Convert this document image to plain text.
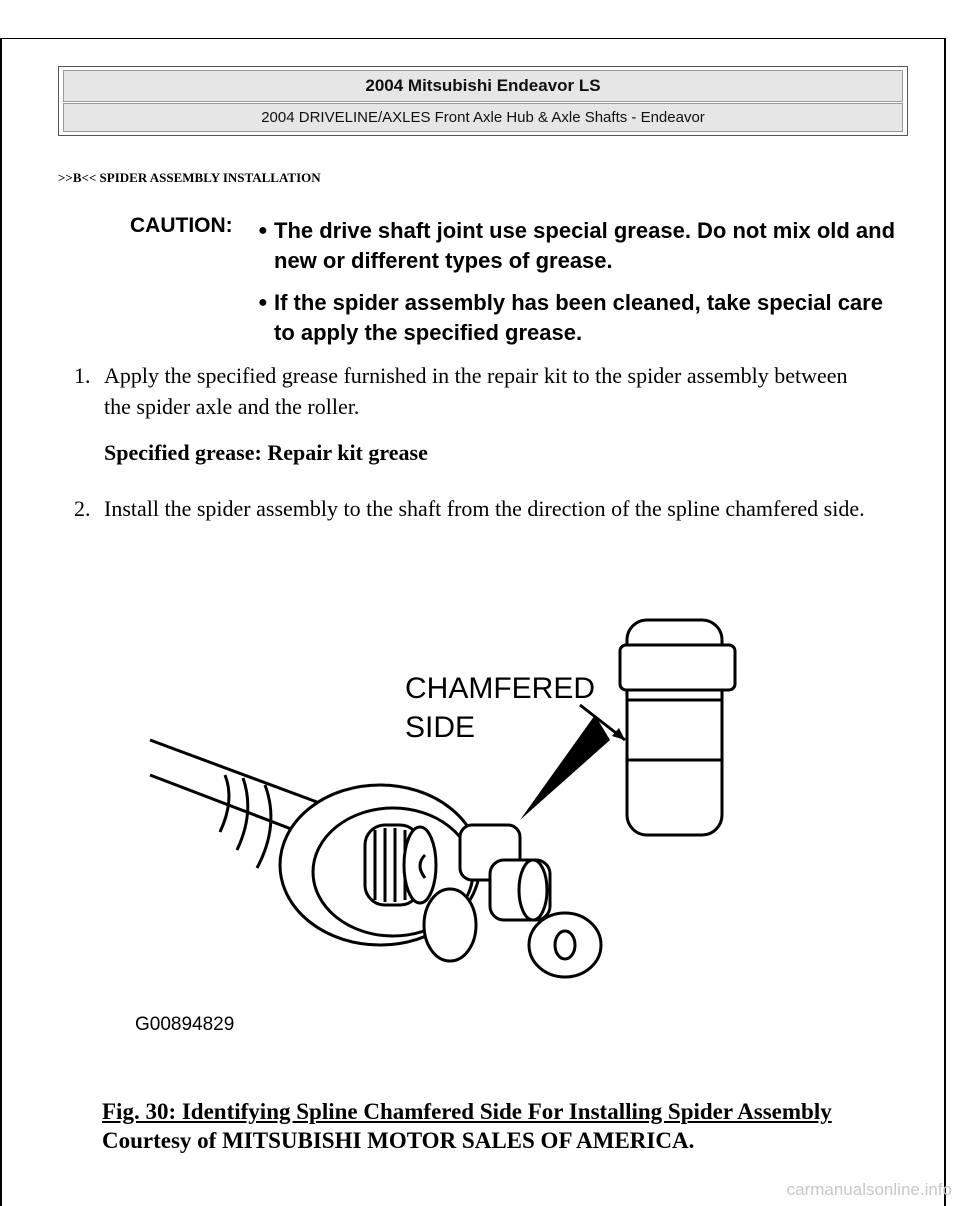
2004 Mitsubishi Endeavor LS
2004 DRIVELINE/AXLES Front Axle Hub & Axle Shafts - Endeavor
>>B<< SPIDER ASSEMBLY INSTALLATION
CAUTION: ● The drive shaft joint use special grease. Do not mix old and new or different types of grease.
● If the spider assembly has been cleaned, take special care to apply the specified grease.
1. Apply the specified grease furnished in the repair kit to the spider assembly between the spider axle and the roller.
Specified grease: Repair kit grease
2. Install the spider assembly to the shaft from the direction of the spline chamfered side.
CHAMFERED
SIDE
G00894829
Fig. 30: Identifying Spline Chamfered Side For Installing Spider Assembly
Courtesy of MITSUBISHI MOTOR SALES OF AMERICA.
carmanualsonline.info
